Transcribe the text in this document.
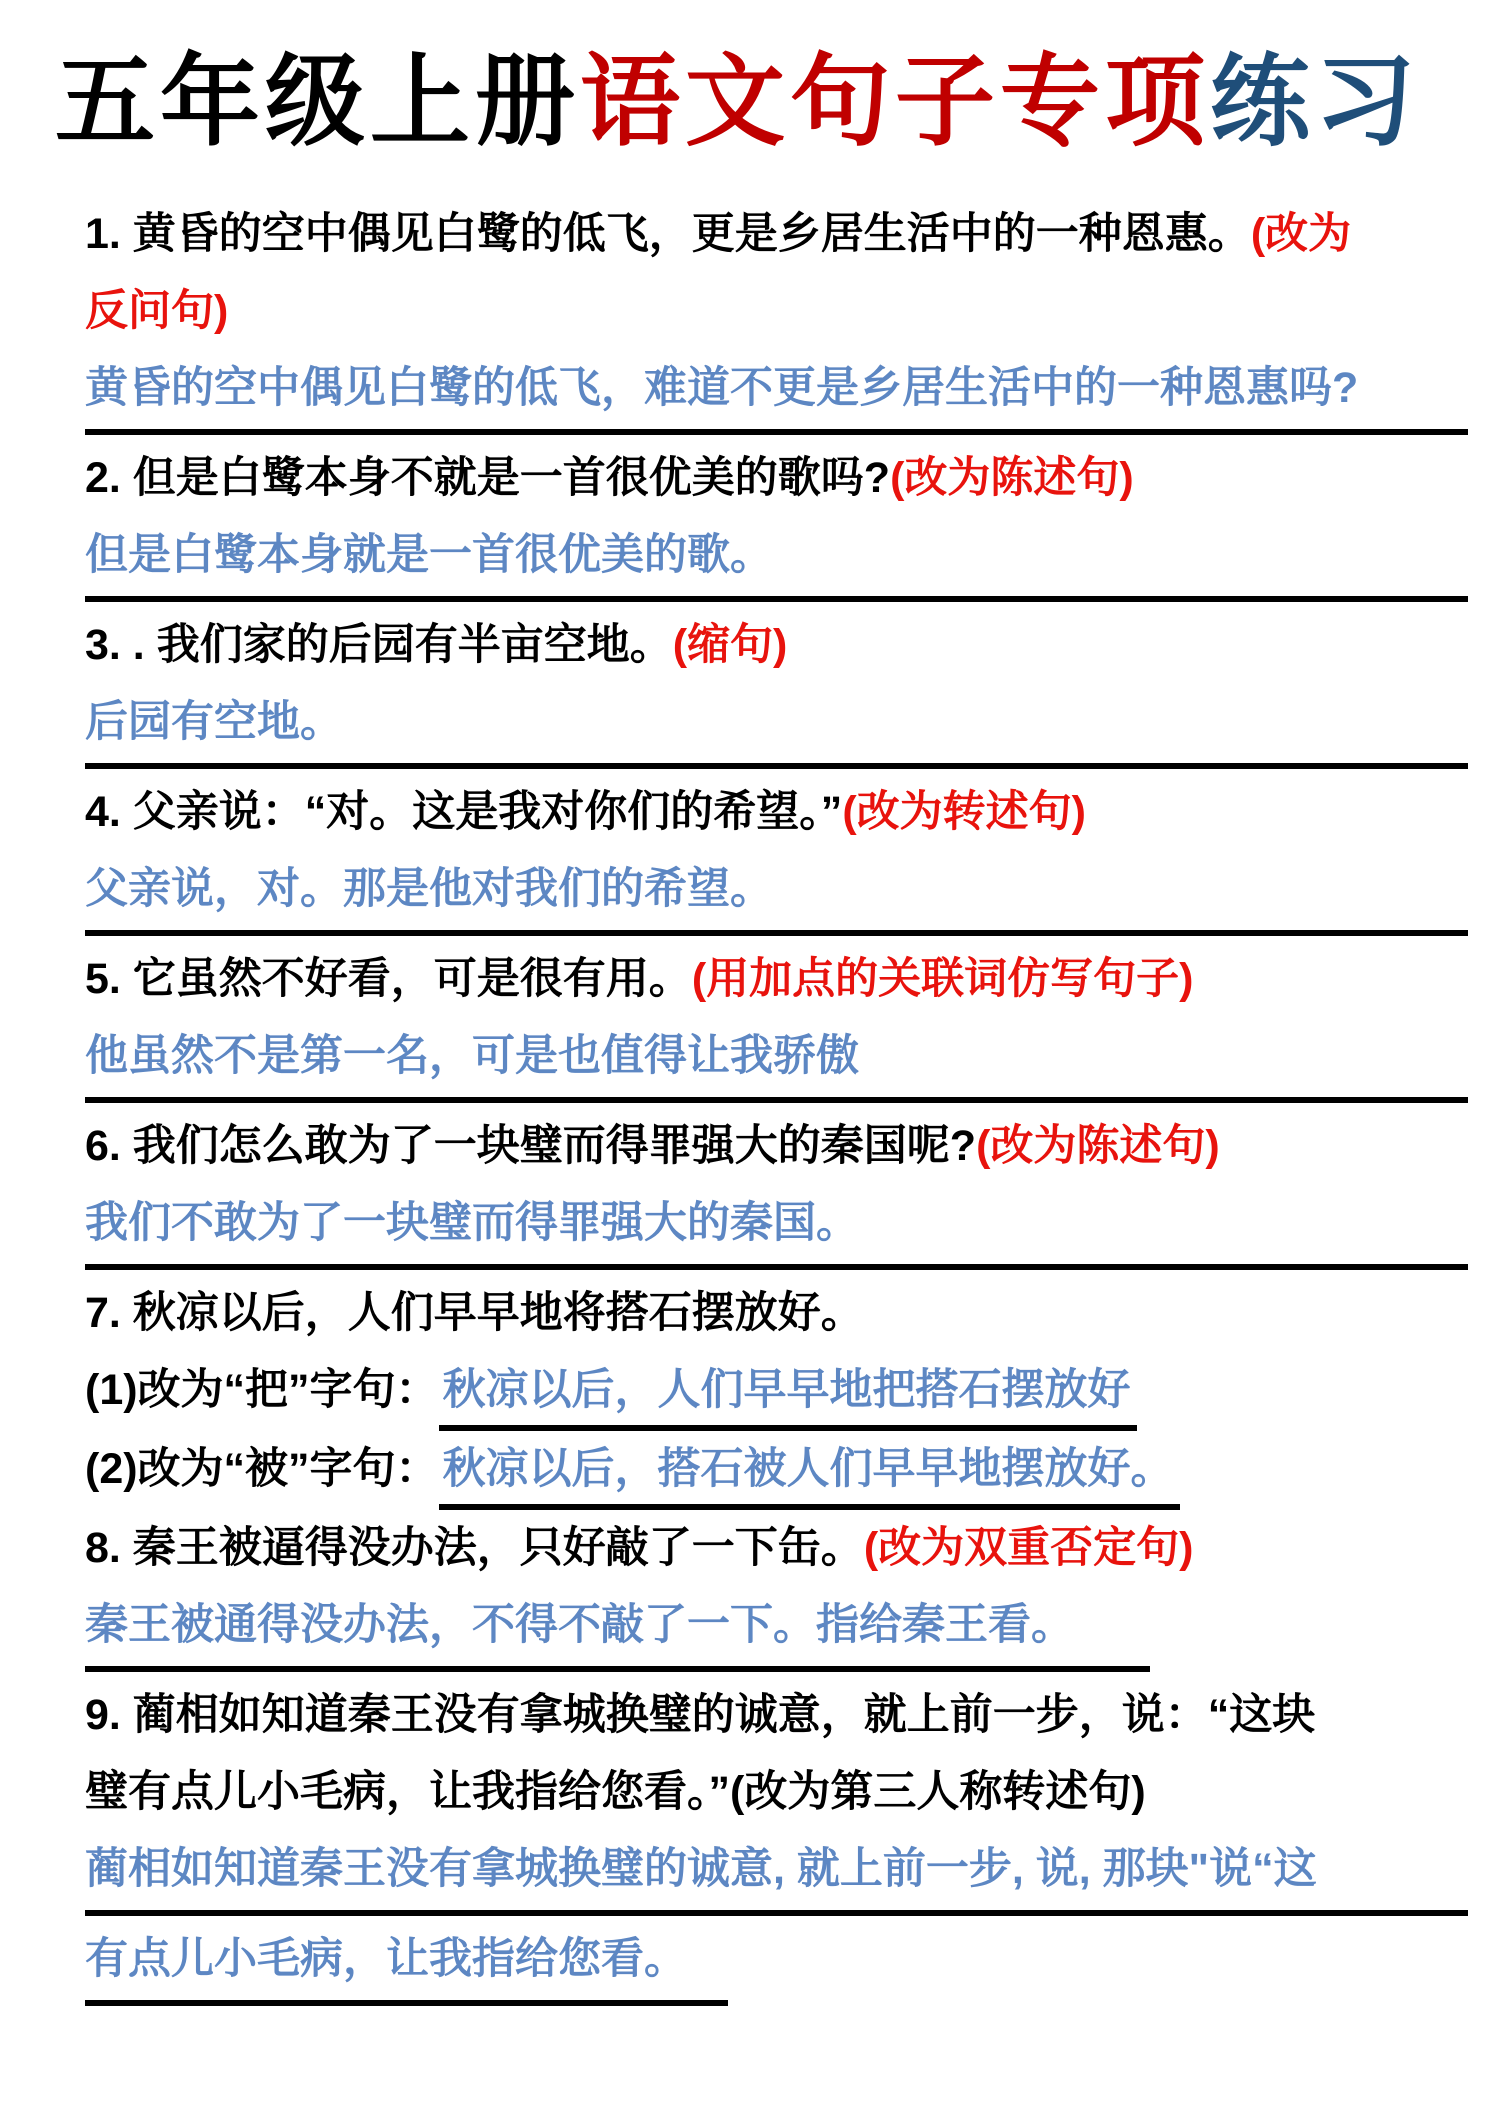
五年级上册语文句子专项练习
1. 黄昏的空中偶见白鹭的低飞，更是乡居生活中的一种恩惠。(改为
反问句)
黄昏的空中偶见白鹭的低飞，难道不更是乡居生活中的一种恩惠吗?
2. 但是白鹭本身不就是一首很优美的歌吗?(改为陈述句)
但是白鹭本身就是一首很优美的歌。
3. . 我们家的后园有半亩空地。(缩句)
后园有空地。
4. 父亲说：“对。这是我对你们的希望。”(改为转述句)
父亲说，对。那是他对我们的希望。
5. 它虽然不好看，可是很有用。(用加点的关联词仿写句子)
他虽然不是第一名，可是也值得让我骄傲
6. 我们怎么敢为了一块璧而得罪强大的秦国呢?(改为陈述句)
我们不敢为了一块璧而得罪强大的秦国。
7. 秋凉以后，人们早早地将搭石摆放好。
(1)改为“把”字句：秋凉以后，人们早早地把搭石摆放好
(2)改为“被”字句：秋凉以后，搭石被人们早早地摆放好。
8. 秦王被逼得没办法，只好敲了一下缶。(改为双重否定句)
秦王被通得没办法，不得不敲了一下。指给秦王看。
9. 蔺相如知道秦王没有拿城换璧的诚意，就上前一步，说：“这块
璧有点儿小毛病，让我指给您看。”(改为第三人称转述句)
蔺相如知道秦王没有拿城换璧的诚意, 就上前一步, 说, 那块"说“这
有点儿小毛病，让我指给您看。
